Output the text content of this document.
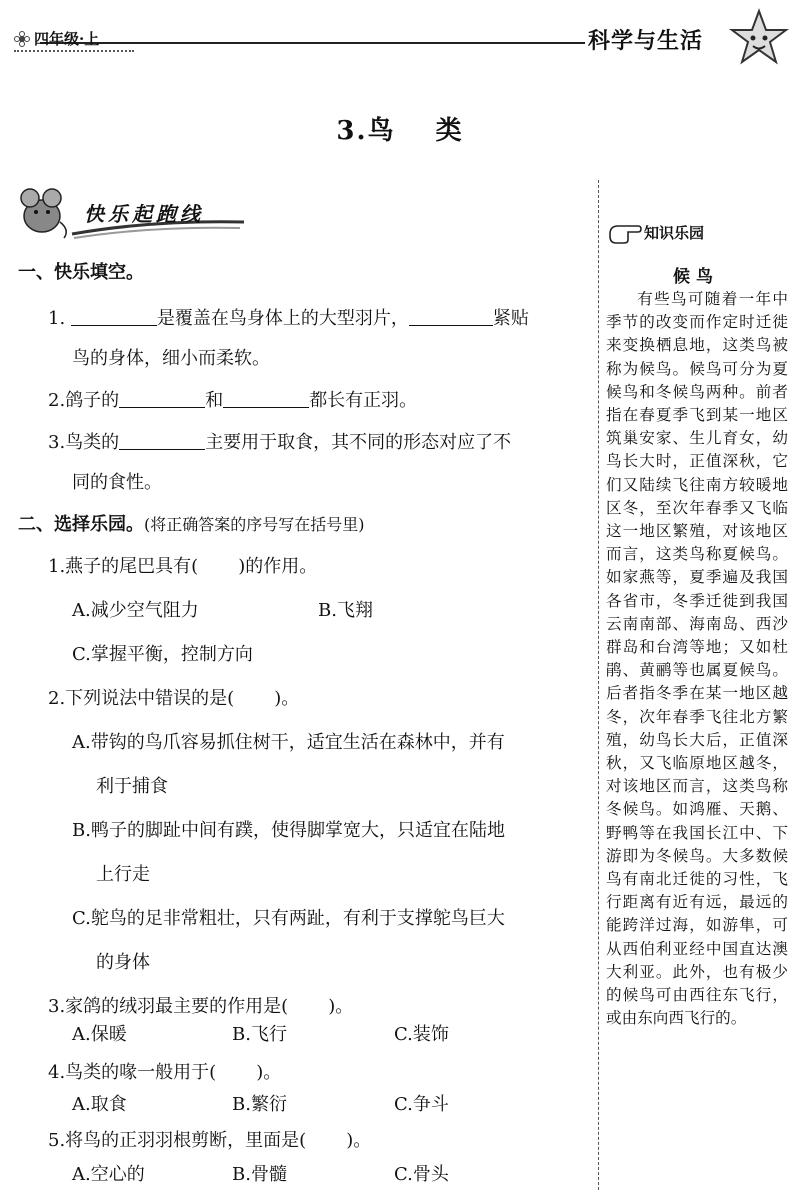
四年级·上	科学与生活
3.鸟 类
快乐起跑线
一、快乐填空。
1.	是覆盖在鸟身体上的大型羽片，	紧贴
鸟的身体，细小而柔软。
2.鸽子的	和	都长有正羽。
3.鸟类的	主要用于取食，其不同的形态对应了不
同的食性。
二、选择乐园。(将正确答案的序号写在括号里)
1.燕子的尾巴具有( )的作用。
A.减少空气阻力	B.飞翔
C.掌握平衡，控制方向
2.下列说法中错误的是( )。
A.带钩的鸟爪容易抓住树干，适宜生活在森林中，并有
利于捕食
B.鸭子的脚趾中间有蹼，使得脚掌宽大，只适宜在陆地
上行走
C.鸵鸟的足非常粗壮，只有两趾，有利于支撑鸵鸟巨大
的身体
3.家鸽的绒羽最主要的作用是( )。
A.保暖	B.飞行	C.装饰
4.鸟类的喙一般用于( )。
A.取食	B.繁衍	C.争斗
5.将鸟的正羽羽根剪断，里面是( )。
A.空心的	B.骨髓	C.骨头
知识乐园
候鸟
有些鸟可随着一年中季节的改变而作定时迁徙来变换栖息地，这类鸟被称为候鸟。候鸟可分为夏候鸟和冬候鸟两种。前者指在春夏季飞到某一地区筑巢安家、生儿育女，幼鸟长大时，正值深秋，它们又陆续飞往南方较暖地区冬，至次年春季又飞临这一地区繁殖，对该地区而言，这类鸟称夏候鸟。如家燕等，夏季遍及我国各省市，冬季迁徙到我国云南南部、海南岛、西沙群岛和台湾等地；又如杜鹃、黄鹂等也属夏候鸟。后者指冬季在某一地区越冬，次年春季飞往北方繁殖，幼鸟长大后，正值深秋，又飞临原地区越冬，对该地区而言，这类鸟称冬候鸟。如鸿雁、天鹅、野鸭等在我国长江中、下游即为冬候鸟。大多数候鸟有南北迁徙的习性，飞行距离有近有远，最远的能跨洋过海，如游隼，可从西伯利亚经中国直达澳大利亚。此外，也有极少的候鸟可由西往东飞行，或由东向西飞行的。
